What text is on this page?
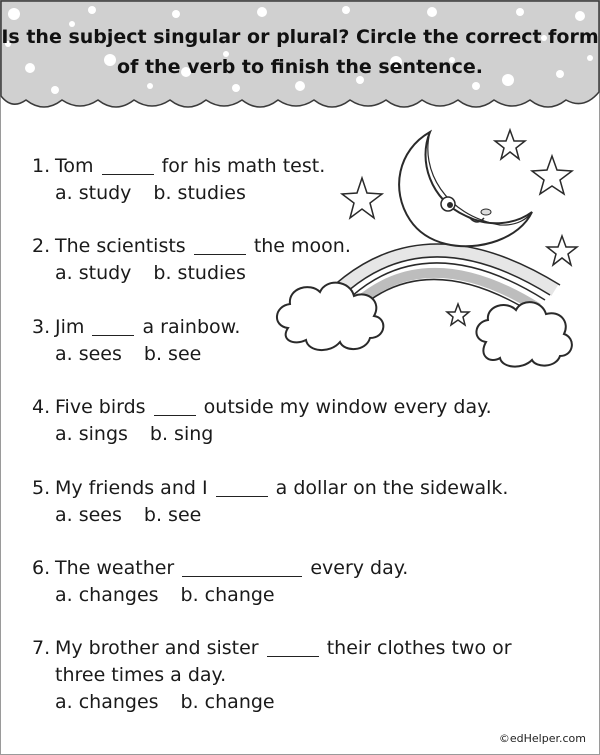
Is the subject singular or plural? Circle the correct form
of the verb to finish the sentence.
1. Tom	for his math test.
a. study b. studies
2. The scientists	the moon.
a. study b. studies
3. Jim	a rainbow.
a. sees b. see
4. Five birds	outside my window every day.
a. sings b. sing
5. My friends and I	a dollar on the sidewalk.
a. sees b. see
6. The weather	every day.
a. changes b. change
7. My brother and sister	their clothes two or
three times a day.
a. changes b. change
©edHelper.com
